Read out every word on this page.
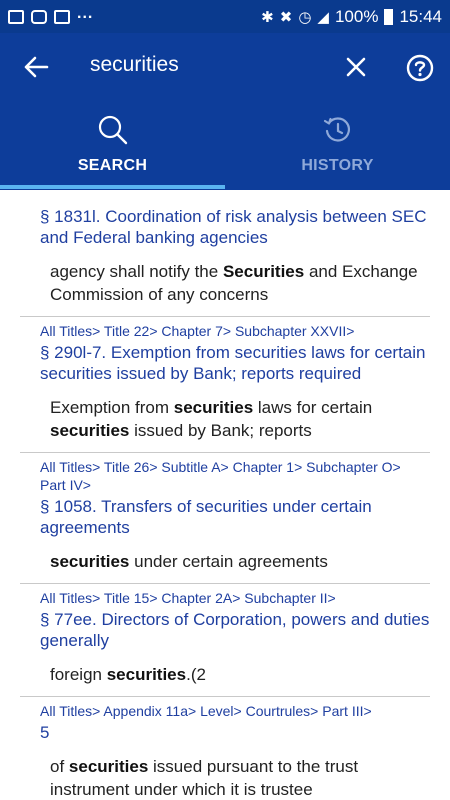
...	✱ ✖ ◷ ◢ 100% 15:44
securities
SEARCH	HISTORY
§ 1831l. Coordination of risk analysis between SEC and Federal banking agencies
agency shall notify the Securities and Exchange Commission of any concerns
All Titles> Title 22> Chapter 7> Subchapter XXVII>
§ 290l-7. Exemption from securities laws for certain securities issued by Bank; reports required
Exemption from securities laws for certain securities issued by Bank; reports
All Titles> Title 26> Subtitle A> Chapter 1> Subchapter O> Part IV>
§ 1058. Transfers of securities under certain agreements
securities under certain agreements
All Titles> Title 15> Chapter 2A> Subchapter II>
§ 77ee. Directors of Corporation, powers and duties generally
foreign securities.(2
All Titles> Appendix 11a> Level> Courtrules> Part III>
5
of securities issued pursuant to the trust instrument under which it is trustee
